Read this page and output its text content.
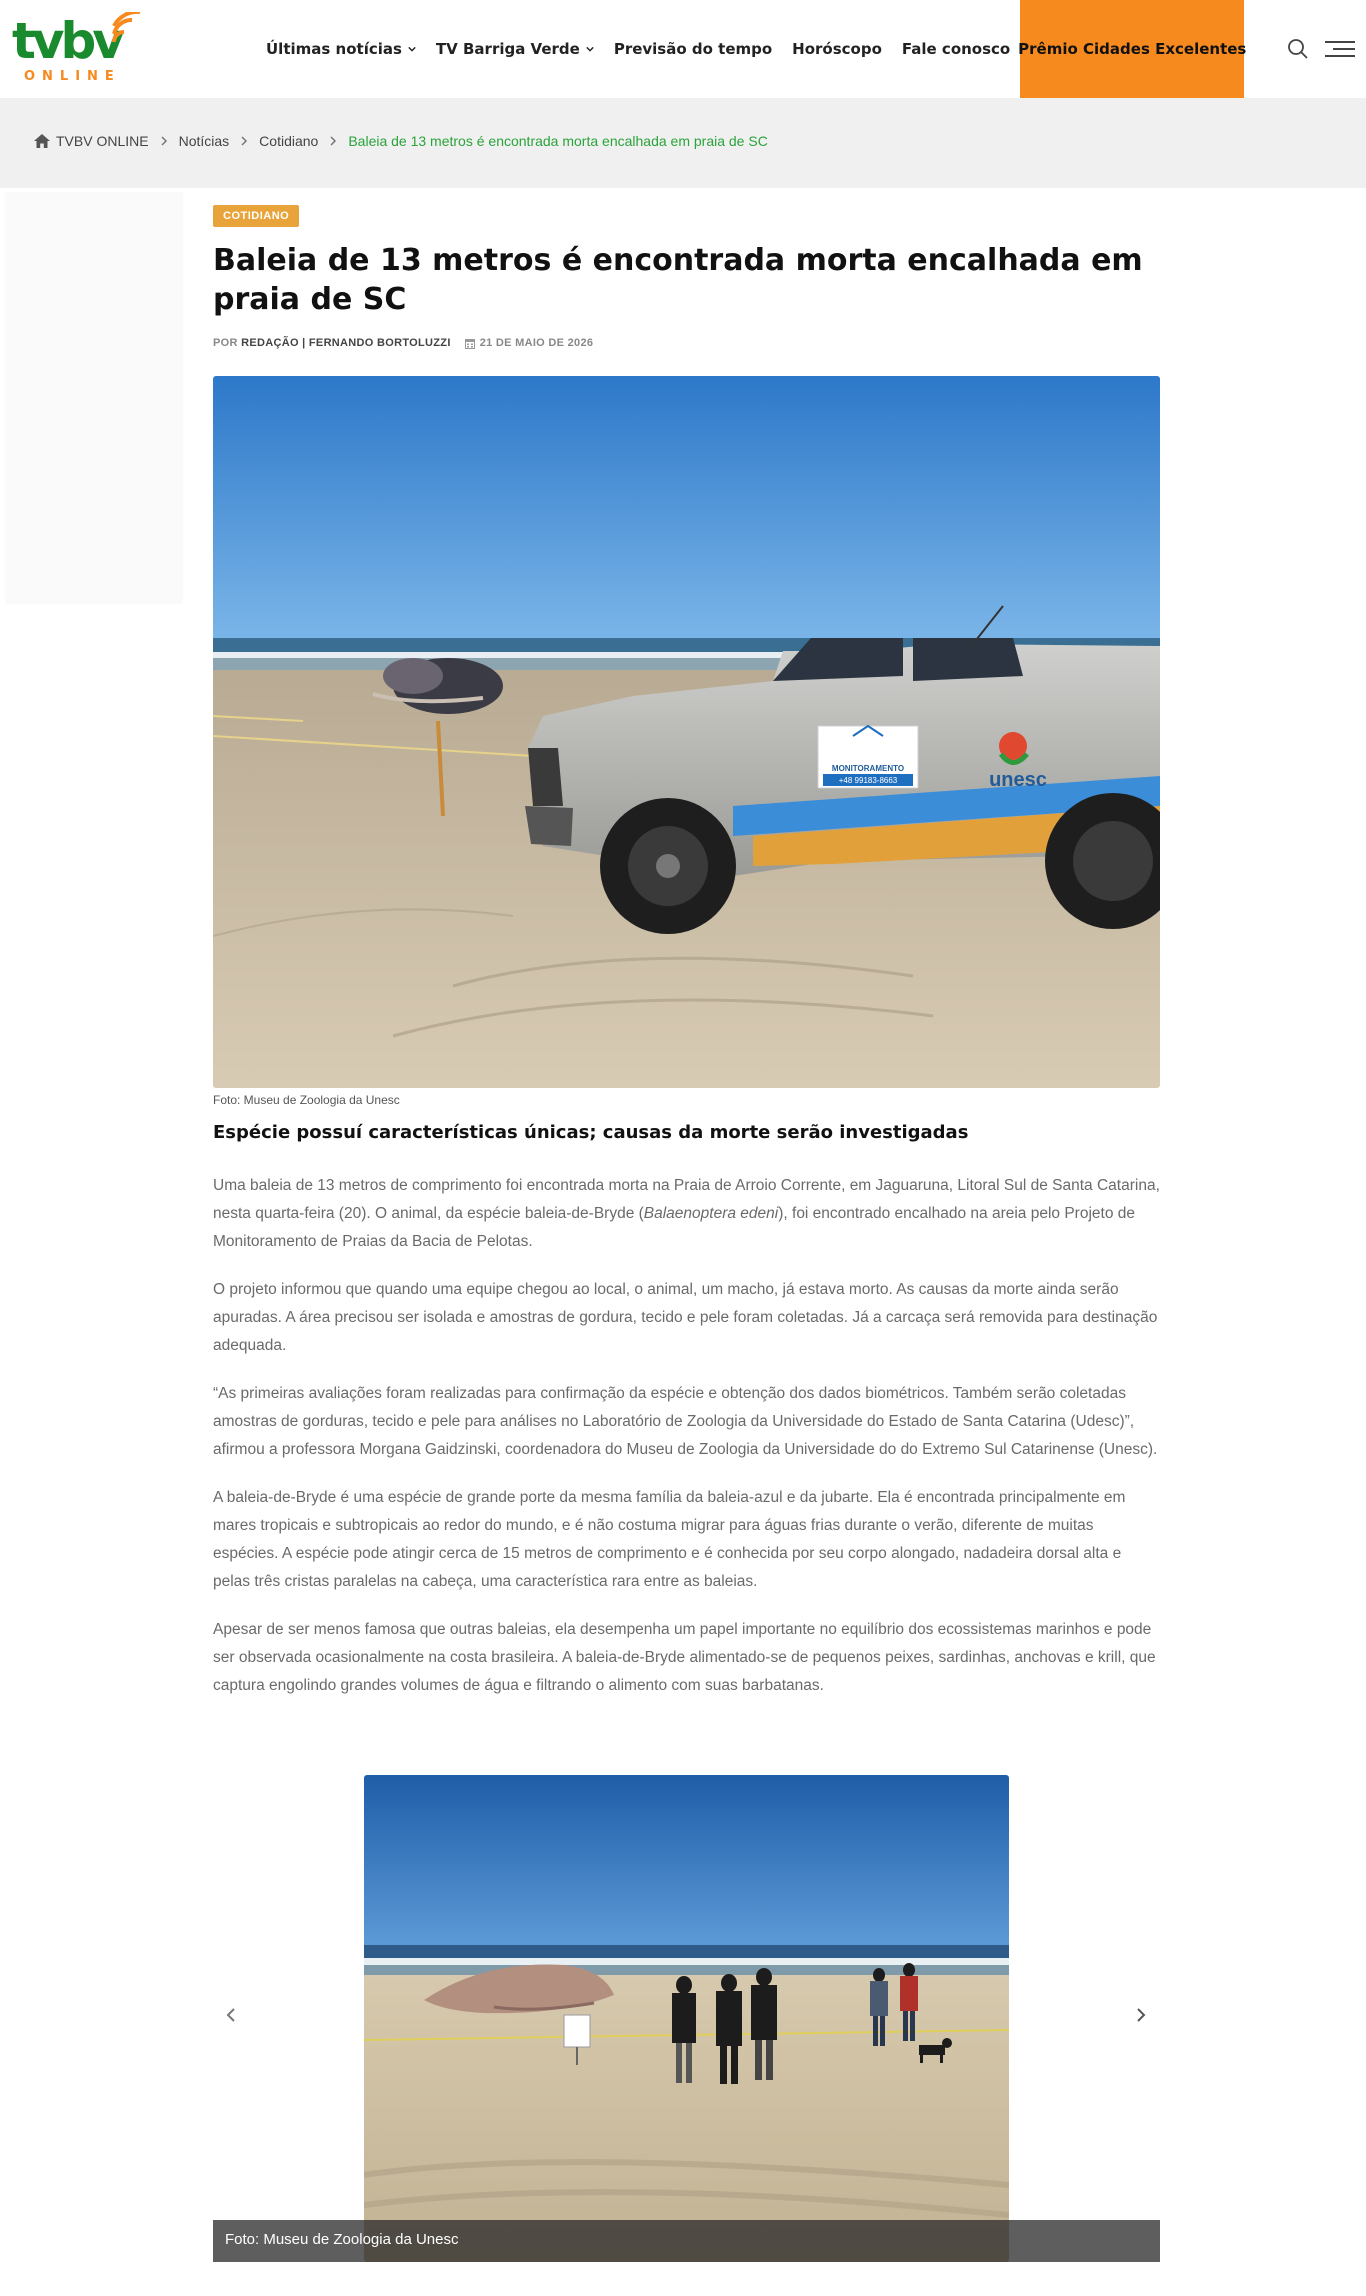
tvbv
ONLINE
Últimas notícias TV Barriga Verde Previsão do tempo Horóscopo Fale conosco Prêmio Cidades Excelentes
TVBV ONLINE Notícias Cotidiano Baleia de 13 metros é encontrada morta encalhada em praia de SC
COTIDIANO
Baleia de 13 metros é encontrada morta encalhada em praia de SC
POR
REDAÇÃO | FERNANDO BORTOLUZZI	21 DE MAIO DE 2026
MONITORAMENTO
+48 99183-8663	unesc
Foto: Museu de Zoologia da Unesc
Espécie possuí características únicas; causas da morte serão investigadas

Uma baleia de 13 metros de comprimento foi encontrada morta na Praia de Arroio Corrente, em Jaguaruna, Litoral Sul de Santa Catarina, nesta quarta-feira (20). O animal, da espécie baleia-de-Bryde (Balaenoptera edeni), foi encontrado encalhado na areia pelo Projeto de Monitoramento de Praias da Bacia de Pelotas.

O projeto informou que quando uma equipe chegou ao local, o animal, um macho, já estava morto. As causas da morte ainda serão apuradas. A área precisou ser isolada e amostras de gordura, tecido e pele foram coletadas. Já a carcaça será removida para destinação adequada.

“As primeiras avaliações foram realizadas para confirmação da espécie e obtenção dos dados biométricos. Também serão coletadas amostras de gorduras, tecido e pele para análises no Laboratório de Zoologia da Universidade do Estado de Santa Catarina (Udesc)”, afirmou a professora Morgana Gaidzinski, coordenadora do Museu de Zoologia da Universidade do do Extremo Sul Catarinense (Unesc).

A baleia-de-Bryde é uma espécie de grande porte da mesma família da baleia-azul e da jubarte. Ela é encontrada principalmente em mares tropicais e subtropicais ao redor do mundo, e é não costuma migrar para águas frias durante o verão, diferente de muitas espécies. A espécie pode atingir cerca de 15 metros de comprimento e é conhecida por seu corpo alongado, nadadeira dorsal alta e pelas três cristas paralelas na cabeça, uma característica rara entre as baleias.

Apesar de ser menos famosa que outras baleias, ela desempenha um papel importante no equilíbrio dos ecossistemas marinhos e pode ser observada ocasionalmente na costa brasileira. A baleia-de-Bryde alimentado-se de pequenos peixes, sardinhas, anchovas e krill, que captura engolindo grandes volumes de água e filtrando o alimento com suas barbatanas.

Foto: Museu de Zoologia da Unesc
